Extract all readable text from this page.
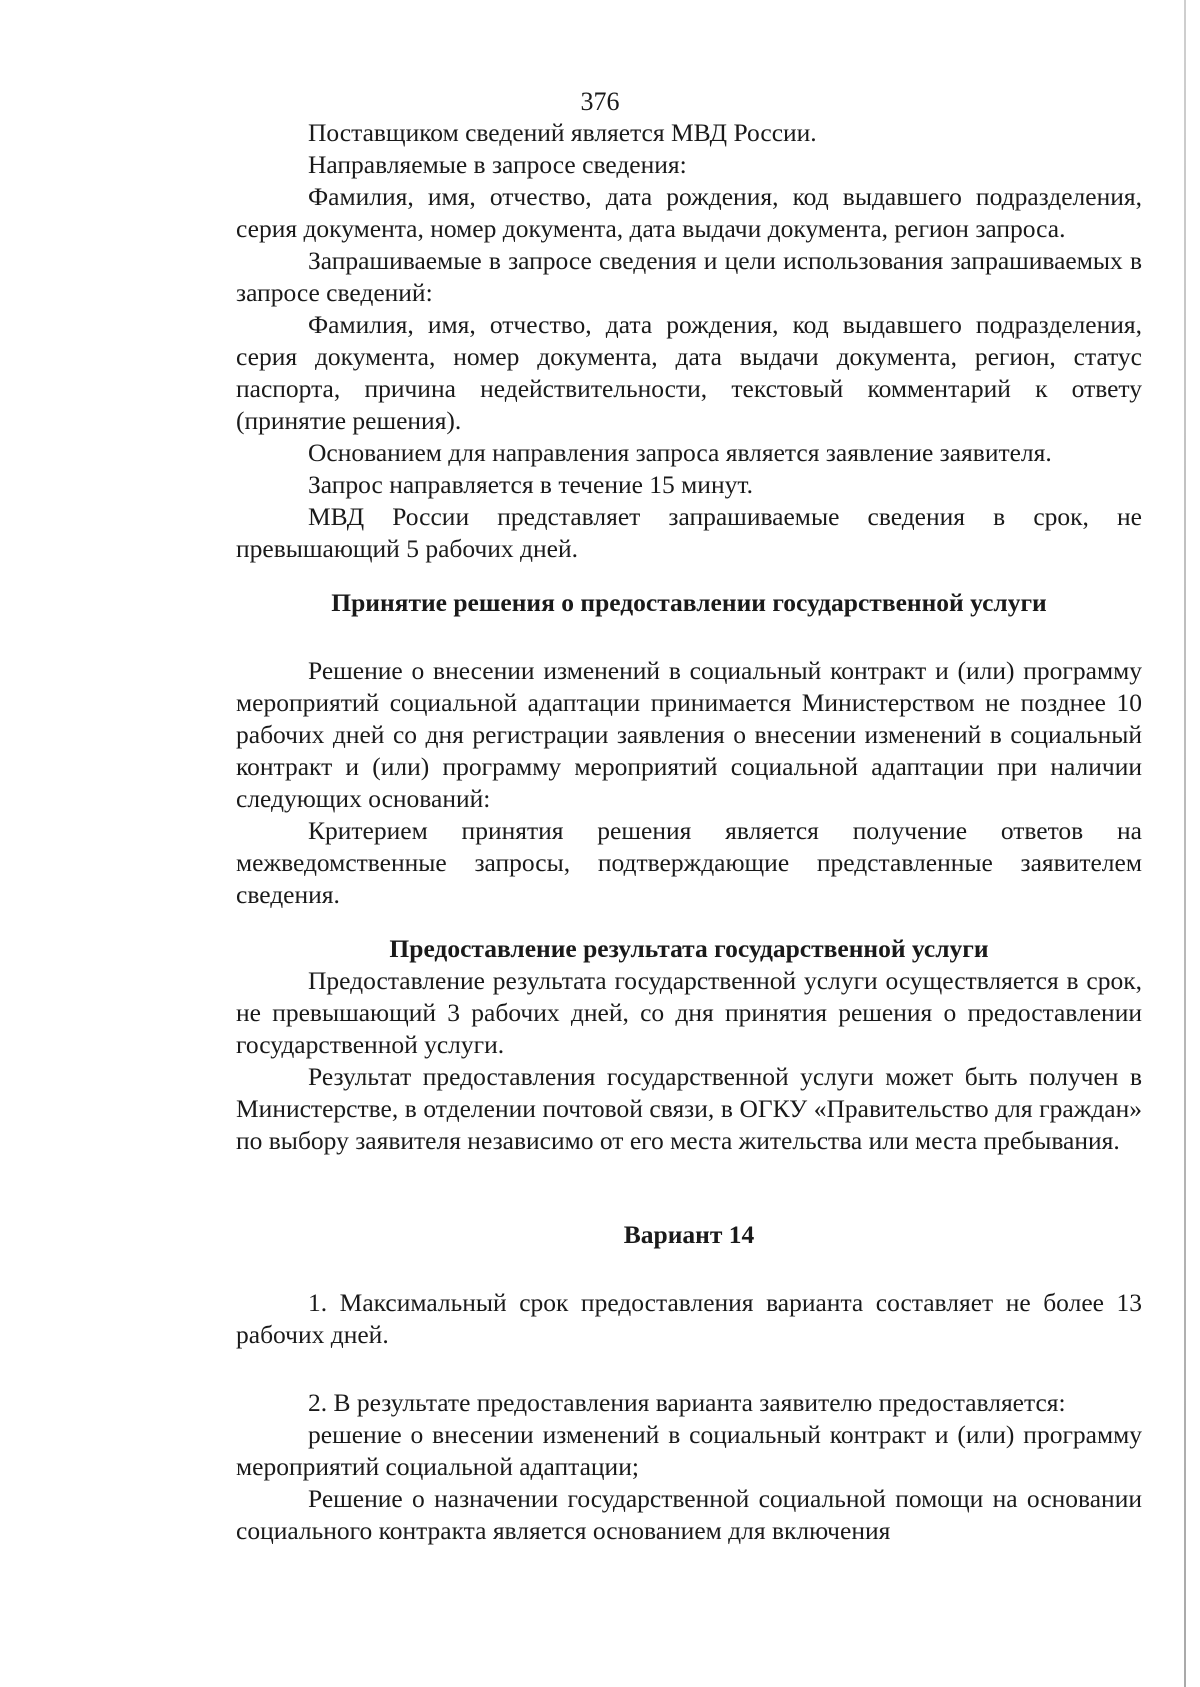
376

Поставщиком сведений является МВД России.

Направляемые в запросе сведения:

Фамилия, имя, отчество, дата рождения, код выдавшего подразделения, серия документа, номер документа, дата выдачи документа, регион запроса.

Запрашиваемые в запросе сведения и цели использования запрашиваемых в запросе сведений:

Фамилия, имя, отчество, дата рождения, код выдавшего подразделения, серия документа, номер документа, дата выдачи документа, регион, статус паспорта, причина недействительности, текстовый комментарий к ответу (принятие решения).

Основанием для направления запроса является заявление заявителя.

Запрос направляется в течение 15 минут.

МВД России представляет запрашиваемые сведения в срок, не превышающий 5 рабочих дней.

Принятие решения о предоставлении государственной услуги

Решение о внесении изменений в социальный контракт и (или) программу мероприятий социальной адаптации принимается Министерством не позднее 10 рабочих дней со дня регистрации заявления о внесении изменений в социальный контракт и (или) программу мероприятий социальной адаптации при наличии следующих оснований:

Критерием принятия решения является получение ответов на межведомственные запросы, подтверждающие представленные заявителем сведения.

Предоставление результата государственной услуги

Предоставление результата государственной услуги осуществляется в срок, не превышающий 3 рабочих дней, со дня принятия решения о предоставлении государственной услуги.

Результат предоставления государственной услуги может быть получен в Министерстве, в отделении почтовой связи, в ОГКУ «Правительство для граждан» по выбору заявителя независимо от его места жительства или места пребывания.

Вариант 14

1. Максимальный срок предоставления варианта составляет не более 13 рабочих дней.

2. В результате предоставления варианта заявителю предоставляется:

решение о внесении изменений в социальный контракт и (или) программу мероприятий социальной адаптации;

Решение о назначении государственной социальной помощи на основании социального контракта является основанием для включения
